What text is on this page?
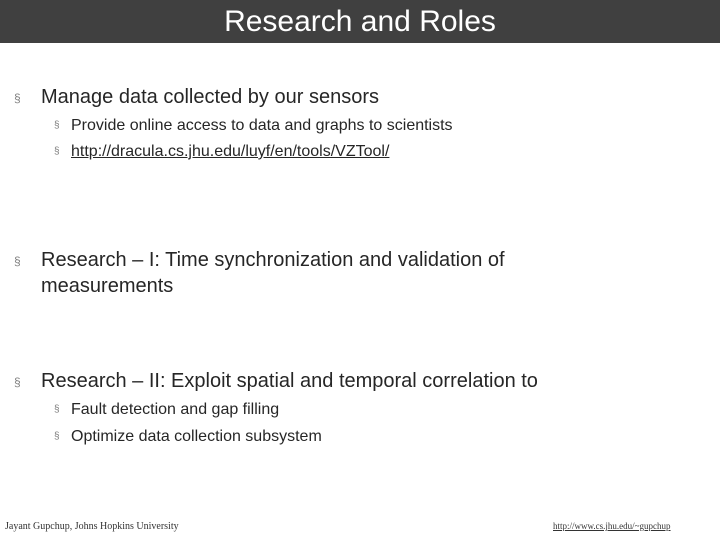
Research and Roles
§	Manage data collected by our sensors
§ Provide online access to data and graphs to scientists
§ http://dracula.cs.jhu.edu/luyf/en/tools/VZTool/
§	Research – I: Time synchronization and validation of measurements
§	Research – II: Exploit spatial and temporal correlation to
§ Fault detection and gap filling
§ Optimize data collection subsystem
Jayant Gupchup, Johns Hopkins University	http://www.cs.jhu.edu/~gupchup
